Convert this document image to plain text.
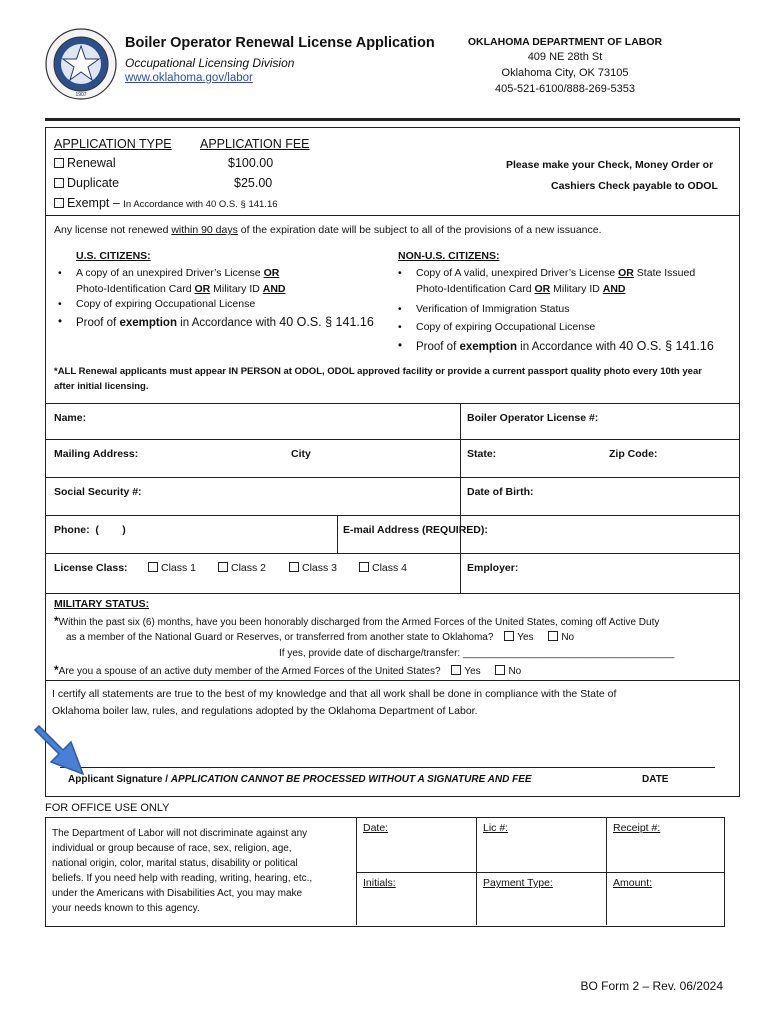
1907
Boiler Operator Renewal License Application
Occupational Licensing Division
www.oklahoma.gov/labor
OKLAHOMA DEPARTMENT OF LABOR
409 NE 28th St
Oklahoma City, OK 73105
405-521-6100/888-269-5353
APPLICATION TYPE APPLICATION FEE
Renewal	$100.00
Duplicate	$25.00
Exempt – In Accordance with 40 O.S. § 141.16
Please make your Check, Money Order or
Cashiers Check payable to ODOL
Any license not renewed within 90 days of the expiration date will be subject to all of the provisions of a new issuance.
U.S. CITIZENS:
• A copy of an unexpired Driver’s License OR
Photo-Identification Card OR Military ID AND
• Copy of expiring Occupational License
• Proof of exemption in Accordance with 40 O.S. § 141.16
NON-U.S. CITIZENS:
• Copy of A valid, unexpired Driver’s License OR State Issued
Photo-Identification Card OR Military ID AND
• Verification of Immigration Status
• Copy of expiring Occupational License
• Proof of exemption in Accordance with 40 O.S. § 141.16
*ALL Renewal applicants must appear IN PERSON at ODOL, ODOL approved facility or provide a current passport quality photo every 10th year
after initial licensing.
Name:	Boiler Operator License #:
Mailing Address:	City	State:	Zip Code:
Social Security #:	Date of Birth:
Phone:  (        )	E-mail Address (REQUIRED):
License Class:	Class 1	Class 2	Class 3	Class 4	Employer:
MILITARY STATUS:
*Within the past six (6) months, have you been honorably discharged from the Armed Forces of the United States, coming off Active Duty
as a member of the National Guard or Reserves, or transferred from another state to Oklahoma? Yes	No
If yes, provide date of discharge/transfer: ______________________________________
*Are you a spouse of an active duty member of the Armed Forces of the United States? Yes	No
I certify all statements are true to the best of my knowledge and that all work shall be done in compliance with the State of
Oklahoma boiler law, rules, and regulations adopted by the Oklahoma Department of Labor.
Applicant Signature / APPLICATION CANNOT BE PROCESSED WITHOUT A SIGNATURE AND FEE	DATE
FOR OFFICE USE ONLY
The Department of Labor will not discriminate against any
individual or group because of race, sex, religion, age,
national origin, color, marital status, disability or political
beliefs. If you need help with reading, writing, hearing, etc.,
under the Americans with Disabilities Act, you may make
your needs known to this agency.
Date:	Lic #:	Receipt #:
Initials:	Payment Type:	Amount:
BO Form 2 – Rev. 06/2024
